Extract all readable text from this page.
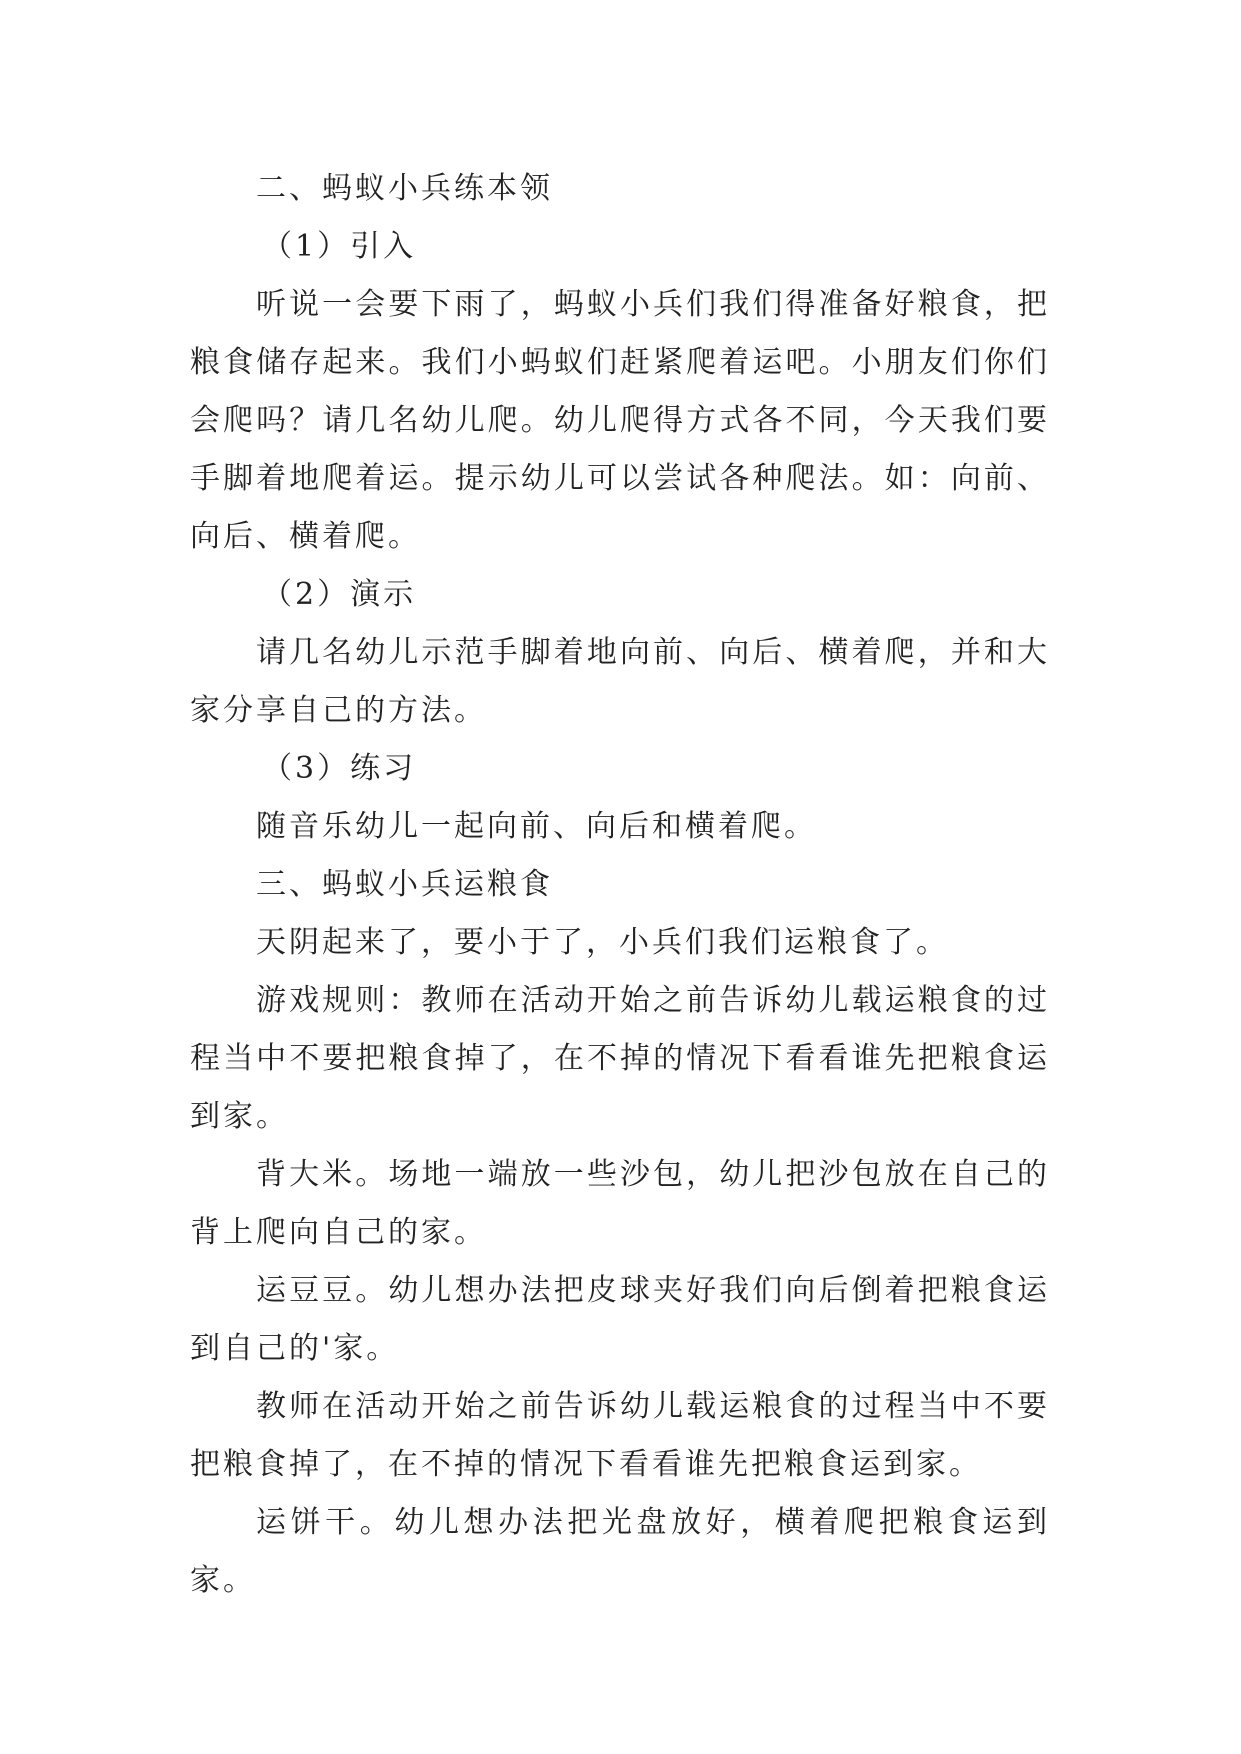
二、蚂蚁小兵练本领

（1）引入

听说一会要下雨了，蚂蚁小兵们我们得准备好粮食，把粮食储存起来。我们小蚂蚁们赶紧爬着运吧。小朋友们你们会爬吗？请几名幼儿爬。幼儿爬得方式各不同，今天我们要手脚着地爬着运。提示幼儿可以尝试各种爬法。如：向前、向后、横着爬。

（2）演示

请几名幼儿示范手脚着地向前、向后、横着爬，并和大家分享自己的方法。

（3）练习

随音乐幼儿一起向前、向后和横着爬。

三、蚂蚁小兵运粮食

天阴起来了，要小于了，小兵们我们运粮食了。

游戏规则：教师在活动开始之前告诉幼儿载运粮食的过程当中不要把粮食掉了，在不掉的情况下看看谁先把粮食运到家。

背大米。场地一端放一些沙包，幼儿把沙包放在自己的背上爬向自己的家。

运豆豆。幼儿想办法把皮球夹好我们向后倒着把粮食运到自己的'家。

教师在活动开始之前告诉幼儿载运粮食的过程当中不要把粮食掉了，在不掉的情况下看看谁先把粮食运到家。

运饼干。幼儿想办法把光盘放好，横着爬把粮食运到家。
